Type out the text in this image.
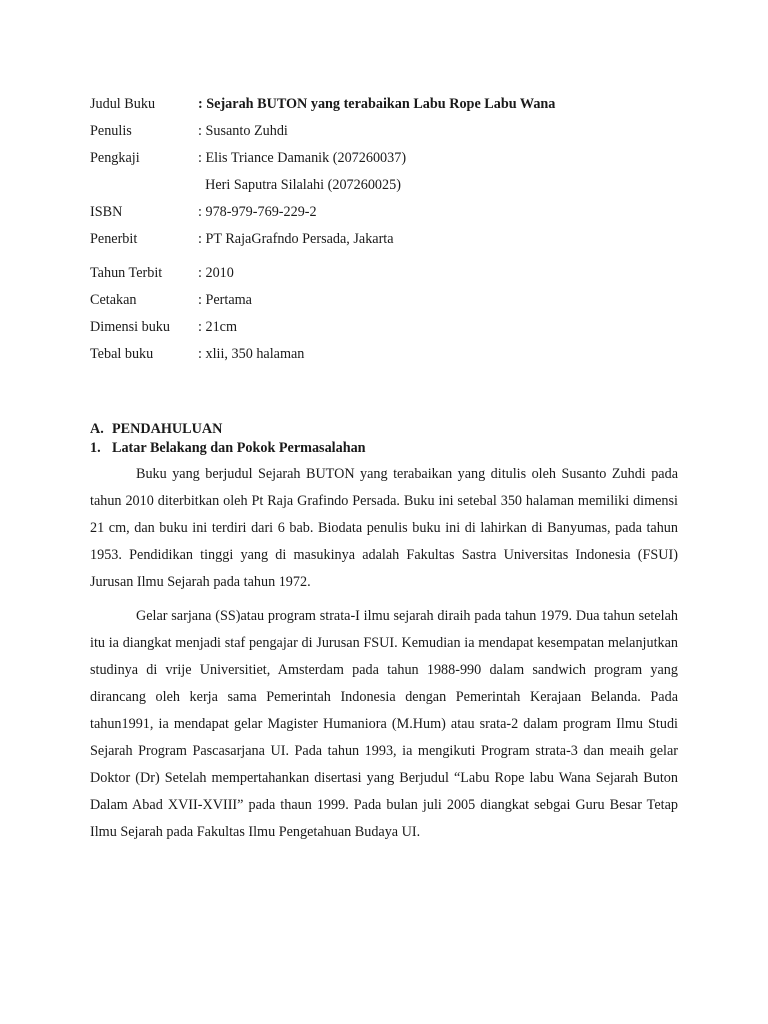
Judul Buku	: Sejarah BUTON yang terabaikan Labu Rope Labu Wana
Penulis	: Susanto Zuhdi
Pengkaji	: Elis Triance Damanik (207260037)
Heri Saputra Silalahi (207260025)
ISBN	: 978-979-769-229-2
Penerbit	: PT RajaGrafndo Persada, Jakarta
Tahun Terbit	: 2010
Cetakan	: Pertama
Dimensi buku	: 21cm
Tebal buku	: xlii, 350 halaman
A. PENDAHULUAN
1. Latar Belakang dan Pokok Permasalahan

Buku yang berjudul Sejarah BUTON yang terabaikan yang ditulis oleh Susanto Zuhdi pada tahun 2010 diterbitkan oleh Pt Raja Grafindo Persada. Buku ini setebal 350 halaman memiliki dimensi 21 cm, dan buku ini terdiri dari 6 bab. Biodata penulis buku ini di lahirkan di Banyumas, pada tahun 1953. Pendidikan tinggi yang di masukinya adalah Fakultas Sastra Universitas Indonesia (FSUI) Jurusan Ilmu Sejarah pada tahun 1972.

Gelar sarjana (SS)atau program strata-I ilmu sejarah diraih pada tahun 1979. Dua tahun setelah itu ia diangkat menjadi staf pengajar di Jurusan FSUI. Kemudian ia mendapat kesempatan melanjutkan studinya di vrije Universitiet, Amsterdam pada tahun 1988-990 dalam sandwich program yang dirancang oleh kerja sama Pemerintah Indonesia dengan Pemerintah Kerajaan Belanda. Pada tahun1991, ia mendapat gelar Magister Humaniora (M.Hum) atau srata-2 dalam program Ilmu Studi Sejarah Program Pascasarjana UI. Pada tahun 1993, ia mengikuti Program strata-3 dan meaih gelar Doktor (Dr) Setelah mempertahankan disertasi yang Berjudul “Labu Rope labu Wana Sejarah Buton Dalam Abad XVII-XVIII” pada thaun 1999. Pada bulan juli 2005 diangkat sebgai Guru Besar Tetap Ilmu Sejarah pada Fakultas Ilmu Pengetahuan Budaya UI.
